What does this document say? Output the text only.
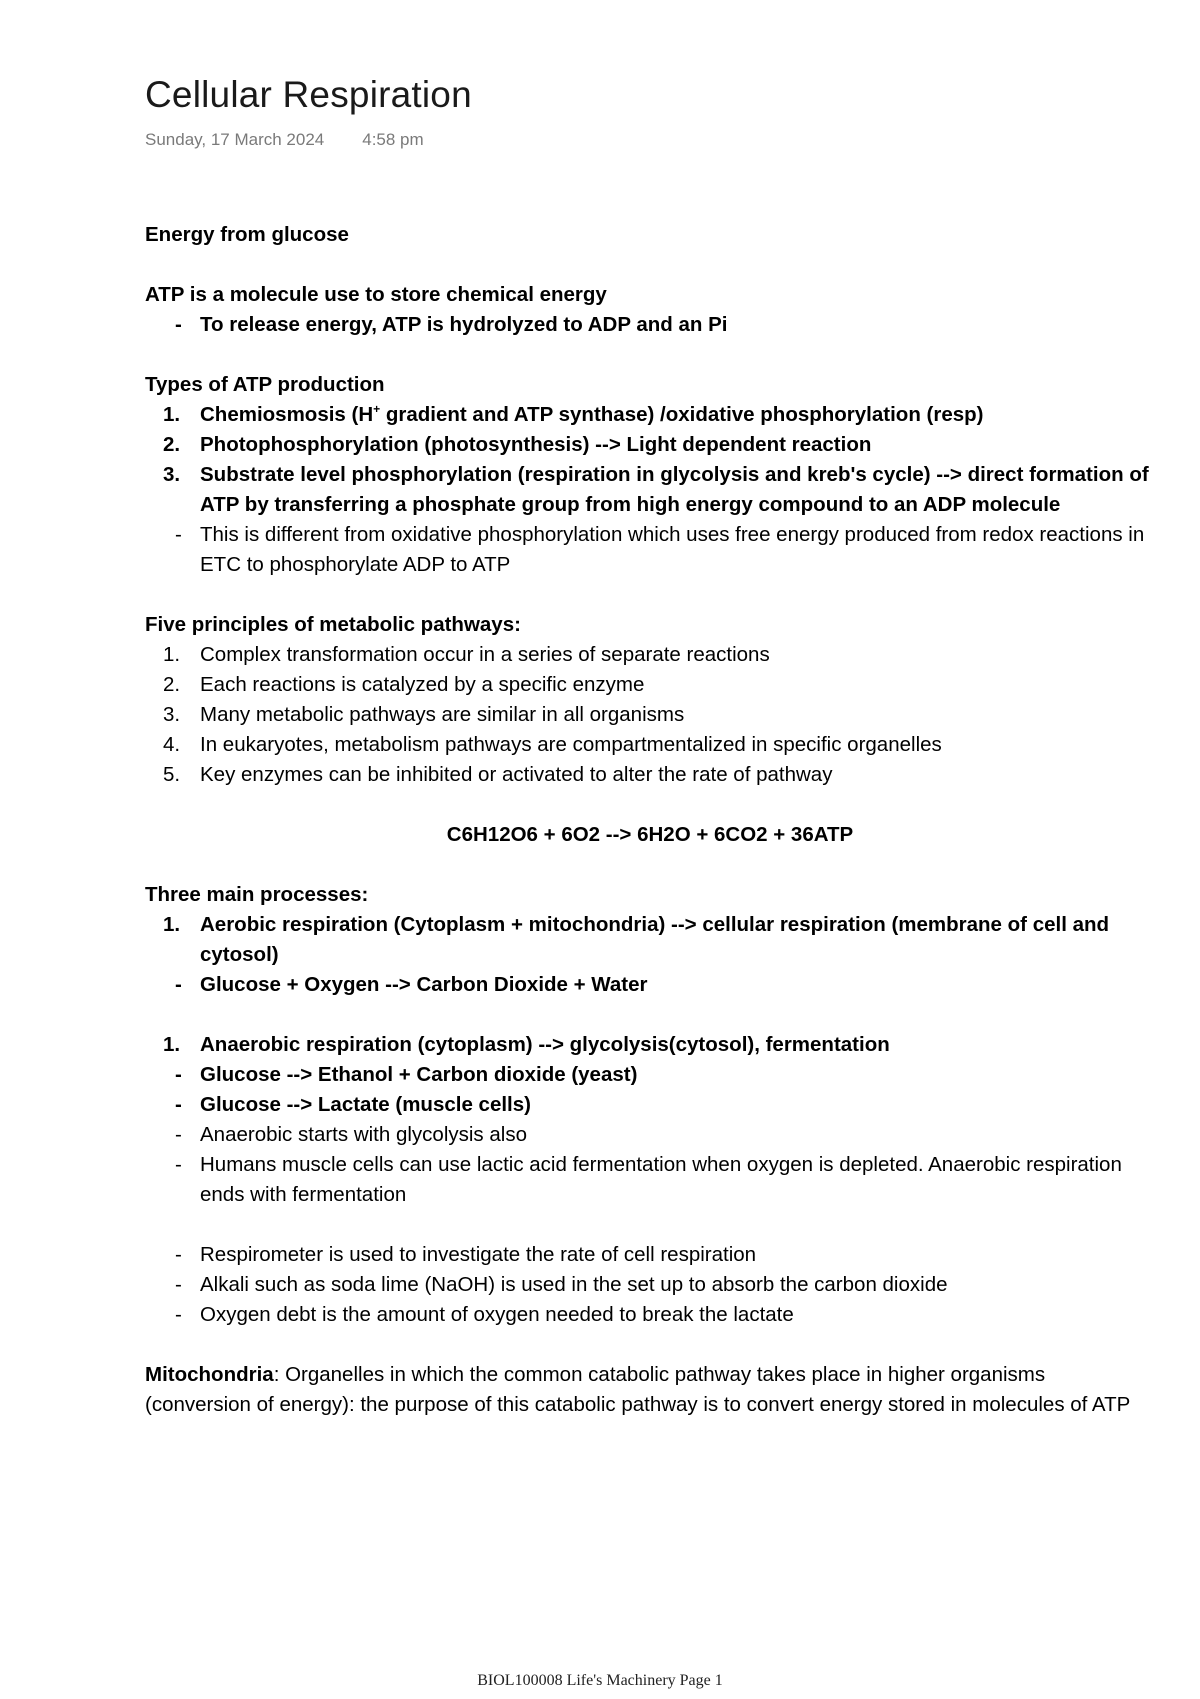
Cellular Respiration
Sunday, 17 March 2024 4:58 pm

Energy from glucose

ATP is a molecule use to store chemical energy

- To release energy, ATP is hydrolyzed to ADP and an Pi

Types of ATP production

1. Chemiosmosis (H+ gradient and ATP synthase) /oxidative phosphorylation (resp)

2. Photophosphorylation (photosynthesis) --> Light dependent reaction

3. Substrate level phosphorylation (respiration in glycolysis and kreb's cycle) --> direct formation of ATP by transferring a phosphate group from high energy compound to an ADP molecule

- This is different from oxidative phosphorylation which uses free energy produced from redox reactions in ETC to phosphorylate ADP to ATP

Five principles of metabolic pathways:

1. Complex transformation occur in a series of separate reactions

2. Each reactions is catalyzed by a specific enzyme

3. Many metabolic pathways are similar in all organisms

4. In eukaryotes, metabolism pathways are compartmentalized in specific organelles

5. Key enzymes can be inhibited or activated to alter the rate of pathway

C6H12O6 + 6O2 --> 6H2O + 6CO2 + 36ATP

Three main processes:

1. Aerobic respiration (Cytoplasm + mitochondria) --> cellular respiration (membrane of cell and cytosol)

- Glucose + Oxygen --> Carbon Dioxide + Water

1. Anaerobic respiration (cytoplasm) --> glycolysis(cytosol), fermentation

- Glucose --> Ethanol + Carbon dioxide (yeast)

- Glucose --> Lactate (muscle cells)

- Anaerobic starts with glycolysis also

- Humans muscle cells can use lactic acid fermentation when oxygen is depleted. Anaerobic respiration ends with fermentation

- Respirometer is used to investigate the rate of cell respiration

- Alkali such as soda lime (NaOH) is used in the set up to absorb the carbon dioxide

- Oxygen debt is the amount of oxygen needed to break the lactate

Mitochondria: Organelles in which the common catabolic pathway takes place in higher organisms (conversion of energy): the purpose of this catabolic pathway is to convert energy stored in molecules of ATP

BIOL100008 Life's Machinery Page 1
